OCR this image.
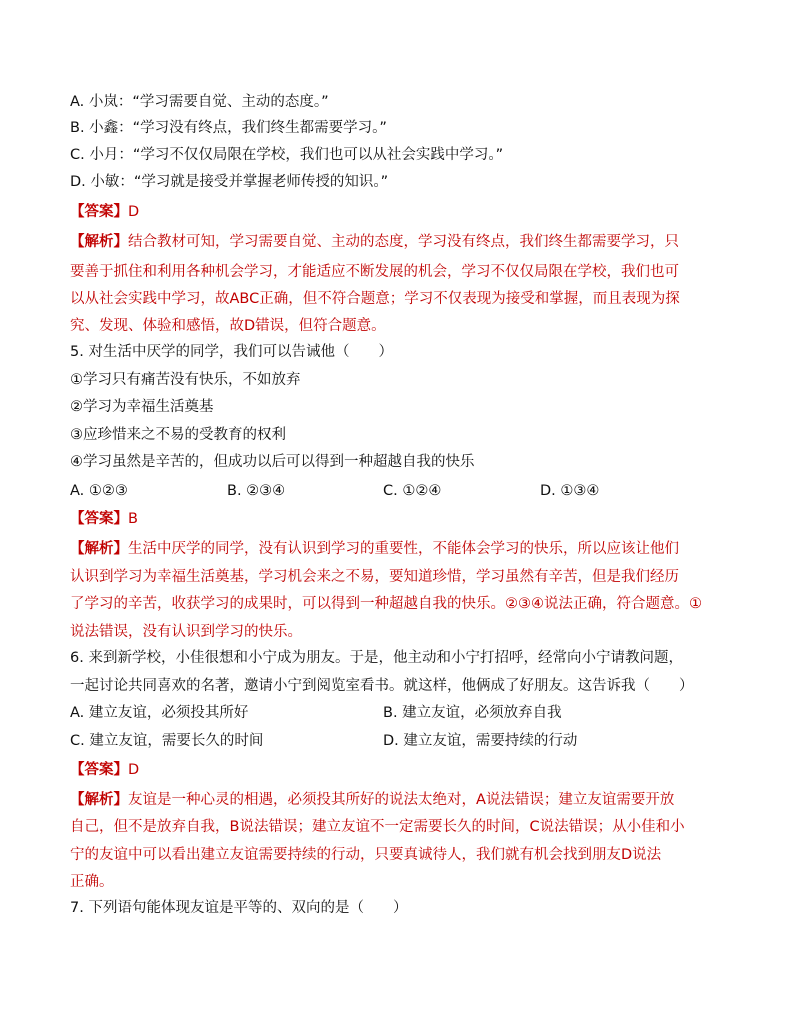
A. 小岚：“学习需要自觉、主动的态度。”
B. 小鑫：“学习没有终点，我们终生都需要学习。”
C. 小月：“学习不仅仅局限在学校，我们也可以从社会实践中学习。”
D. 小敏：“学习就是接受并掌握老师传授的知识。”
【答案】D
【解析】结合教材可知，学习需要自觉、主动的态度，学习没有终点，我们终生都需要学习，只
要善于抓住和利用各种机会学习，才能适应不断发展的机会，学习不仅仅局限在学校，我们也可
以从社会实践中学习，故ABC正确，但不符合题意；学习不仅表现为接受和掌握，而且表现为探
究、发现、体验和感悟，故D错误，但符合题意。
5. 对生活中厌学的同学，我们可以告诫他（　　）
①学习只有痛苦没有快乐，不如放弃
②学习为幸福生活奠基
③应珍惜来之不易的受教育的权利
④学习虽然是辛苦的，但成功以后可以得到一种超越自我的快乐
A. ①②③	B. ②③④	C. ①②④	D. ①③④
【答案】B
【解析】生活中厌学的同学，没有认识到学习的重要性，不能体会学习的快乐，所以应该让他们
认识到学习为幸福生活奠基，学习机会来之不易，要知道珍惜，学习虽然有辛苦，但是我们经历
了学习的辛苦，收获学习的成果时，可以得到一种超越自我的快乐。②③④说法正确，符合题意。①
说法错误，没有认识到学习的快乐。
6. 来到新学校，小佳很想和小宁成为朋友。于是，他主动和小宁打招呼，经常向小宁请教问题，
一起讨论共同喜欢的名著，邀请小宁到阅览室看书。就这样，他俩成了好朋友。这告诉我（　　）
A. 建立友谊，必须投其所好	B. 建立友谊，必须放弃自我
C. 建立友谊，需要长久的时间	D. 建立友谊，需要持续的行动
【答案】D
【解析】友谊是一种心灵的相遇，必须投其所好的说法太绝对，A说法错误；建立友谊需要开放
自己，但不是放弃自我，B说法错误；建立友谊不一定需要长久的时间，C说法错误；从小佳和小
宁的友谊中可以看出建立友谊需要持续的行动，只要真诚待人，我们就有机会找到朋友D说法
正确。
7. 下列语句能体现友谊是平等的、双向的是（　　）
